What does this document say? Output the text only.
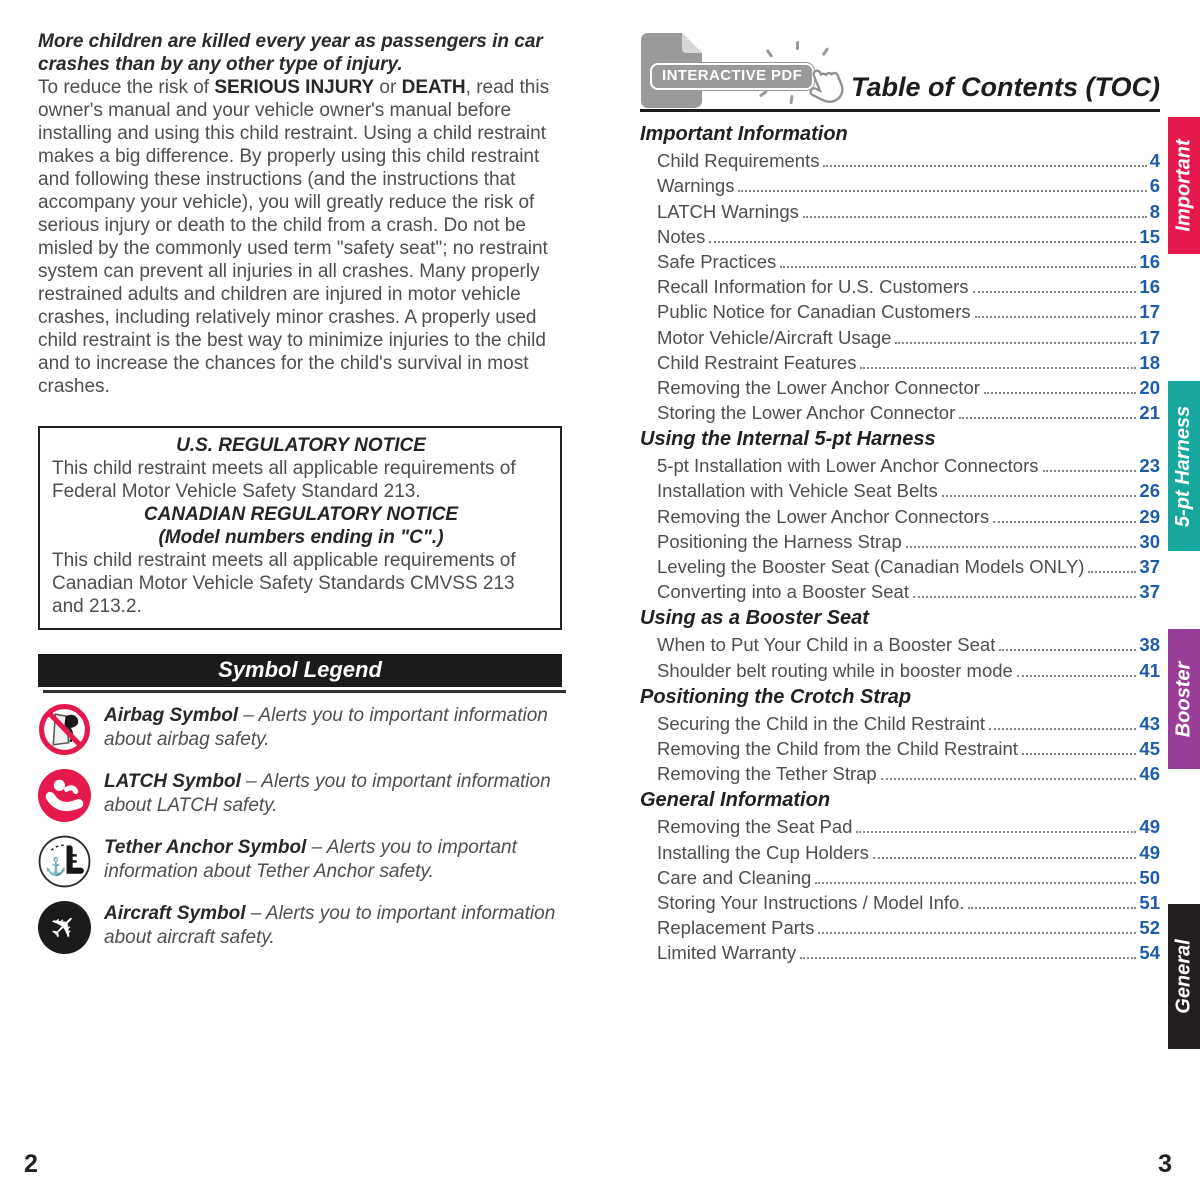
More children are killed every year as passengers in car crashes than by any other type of injury.
To reduce the risk of SERIOUS INJURY or DEATH, read this owner's manual and your vehicle owner's manual before installing and using this child restraint. Using a child restraint makes a big difference. By properly using this child restraint and following these instructions (and the instructions that accompany your vehicle), you will greatly reduce the risk of serious injury or death to the child from a crash. Do not be misled by the commonly used term "safety seat"; no restraint system can prevent all injuries in all crashes. Many properly restrained adults and children are injured in motor vehicle crashes, including relatively minor crashes. A properly used child restraint is the best way to minimize injuries to the child and to increase the chances for the child's survival in most crashes.
U.S. REGULATORY NOTICE
This child restraint meets all applicable requirements of Federal Motor Vehicle Safety Standard 213.
CANADIAN REGULATORY NOTICE
(Model numbers ending in "C".)
This child restraint meets all applicable requirements of Canadian Motor Vehicle Safety Standards CMVSS 213 and 213.2.
Symbol Legend
Airbag Symbol – Alerts you to important information about airbag safety.
LATCH Symbol – Alerts you to important information about LATCH safety.
⚓
Tether Anchor Symbol – Alerts you to important information about Tether Anchor safety.
✈ Aircraft Symbol – Alerts you to important information about aircraft safety.
INTERACTIVE PDF	Table of Contents (TOC)
Important Information
Child Requirements	4
Warnings	6
LATCH Warnings	8
Notes	15
Safe Practices	16
Recall Information for U.S. Customers	16
Public Notice for Canadian Customers	17
Motor Vehicle/Aircraft Usage	17
Child Restraint Features	18
Removing the Lower Anchor Connector	20
Storing the Lower Anchor Connector	21
Using the Internal 5-pt Harness
5-pt Installation with Lower Anchor Connectors	23
Installation with Vehicle Seat Belts	26
Removing the Lower Anchor Connectors	29
Positioning the Harness Strap	30
Leveling the Booster Seat (Canadian Models ONLY)	37
Converting into a Booster Seat	37
Using as a Booster Seat
When to Put Your Child in a Booster Seat	38
Shoulder belt routing while in booster mode	41
Positioning the Crotch Strap
Securing the Child in the Child Restraint	43
Removing the Child from the Child Restraint	45
Removing the Tether Strap	46
General Information
Removing the Seat Pad	49
Installing the Cup Holders	49
Care and Cleaning	50
Storing Your Instructions / Model Info.	51
Replacement Parts	52
Limited Warranty	54
Important
5-pt Harness
Booster
General
2	3
